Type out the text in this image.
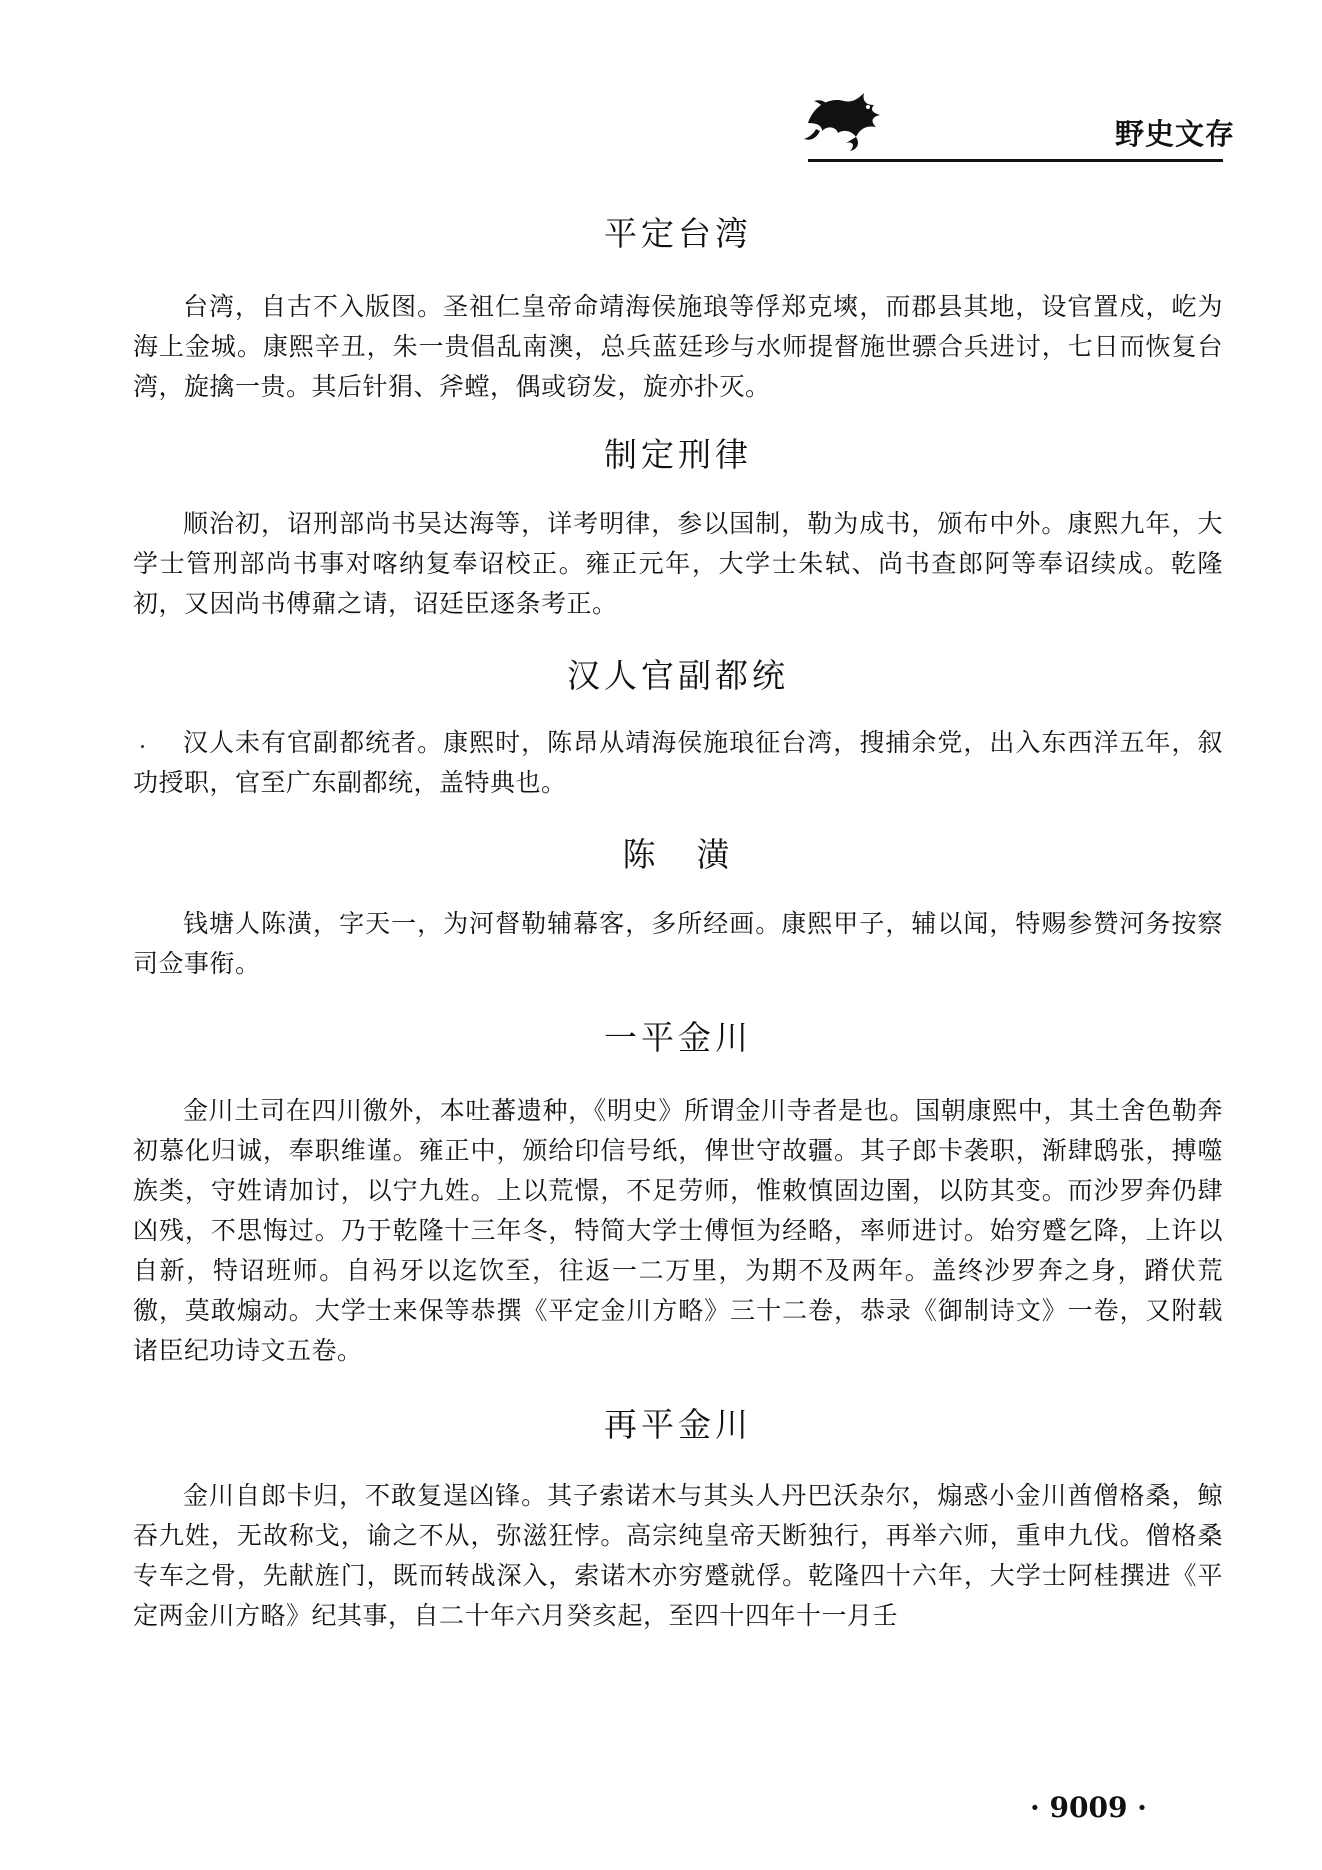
野史文存
平定台湾

台湾，自古不入版图。圣祖仁皇帝命靖海侯施琅等俘郑克塽，而郡县其地，设官置戍，屹为海上金城。康熙辛丑，朱一贵倡乱南澳，总兵蓝廷珍与水师提督施世骠合兵进讨，七日而恢复台湾，旋擒一贵。其后针狷、斧螳，偶或窃发，旋亦扑灭。

制定刑律

顺治初，诏刑部尚书吴达海等，详考明律，参以国制，勒为成书，颁布中外。康熙九年，大学士管刑部尚书事对喀纳复奉诏校正。雍正元年，大学士朱轼、尚书查郎阿等奉诏续成。乾隆初，又因尚书傅鼐之请，诏廷臣逐条考正。

汉人官副都统

汉人未有官副都统者。康熙时，陈昂从靖海侯施琅征台湾，搜捕余党，出入东西洋五年，叙功授职，官至广东副都统，盖特典也。

陈　潢

钱塘人陈潢，字天一，为河督勒辅幕客，多所经画。康熙甲子，辅以闻，特赐参赞河务按察司佥事衔。

一平金川

金川土司在四川徼外，本吐蕃遗种，《明史》所谓金川寺者是也。国朝康熙中，其土舍色勒奔初慕化归诚，奉职维谨。雍正中，颁给印信号纸，俾世守故疆。其子郎卡袭职，渐肆鸱张，搏噬族类，守姓请加讨，以宁九姓。上以荒憬，不足劳师，惟敕慎固边圉，以防其变。而沙罗奔仍肆凶残，不思悔过。乃于乾隆十三年冬，特简大学士傅恒为经略，率师进讨。始穷蹙乞降，上许以自新，特诏班师。自祃牙以迄饮至，往返一二万里，为期不及两年。盖终沙罗奔之身，蹐伏荒徼，莫敢煽动。大学士来保等恭撰《平定金川方略》三十二卷，恭录《御制诗文》一卷，又附载诸臣纪功诗文五卷。

再平金川

金川自郎卡归，不敢复逞凶锋。其子索诺木与其头人丹巴沃杂尔，煽惑小金川酋僧格桑，鲸吞九姓，无故称戈，谕之不从，弥滋狂悖。高宗纯皇帝天断独行，再举六师，重申九伐。僧格桑专车之骨，先献旌门，既而转战深入，索诺木亦穷蹙就俘。乾隆四十六年，大学士阿桂撰进《平定两金川方略》纪其事，自二十年六月癸亥起，至四十四年十一月壬

· 9009 ·
